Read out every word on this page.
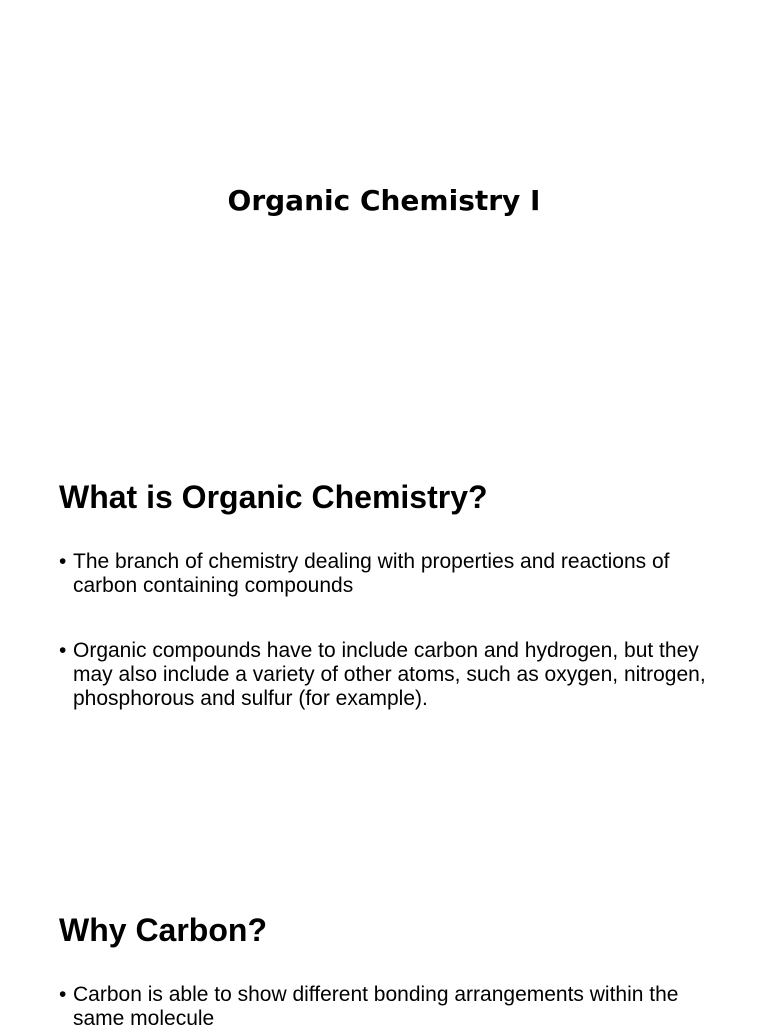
Organic Chemistry I
What is Organic Chemistry?
• The branch of chemistry dealing with properties and reactions of carbon containing compounds
• Organic compounds have to include carbon and hydrogen, but they may also include a variety of other atoms, such as oxygen, nitrogen, phosphorous and sulfur (for example).
Why Carbon?
• Carbon is able to show different bonding arrangements within the same molecule
